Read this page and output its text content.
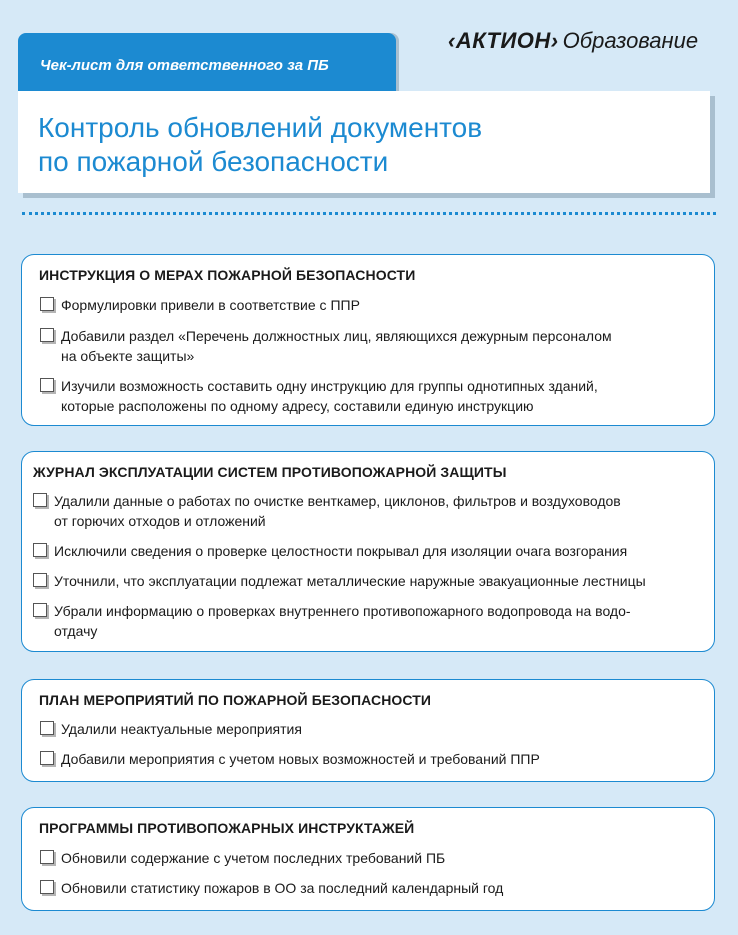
Чек-лист для ответственного за ПБ
‹АКТИОН› Образование
Контроль обновлений документов
по пожарной безопасности
ИНСТРУКЦИЯ О МЕРАХ ПОЖАРНОЙ БЕЗОПАСНОСТИ
Формулировки привели в соответствие с ППР
Добавили раздел «Перечень должностных лиц, являющихся дежурным персоналом
на объекте защиты»
Изучили возможность составить одну инструкцию для группы однотипных зданий,
которые расположены по одному адресу, составили единую инструкцию
ЖУРНАЛ ЭКСПЛУАТАЦИИ СИСТЕМ ПРОТИВОПОЖАРНОЙ ЗАЩИТЫ
Удалили данные о работах по очистке венткамер, циклонов, фильтров и воздуховодов
от горючих отходов и отложений
Исключили сведения о проверке целостности покрывал для изоляции очага возгорания
Уточнили, что эксплуатации подлежат металлические наружные эвакуационные лестницы
Убрали информацию о проверках внутреннего противопожарного водопровода на водо-
отдачу
ПЛАН МЕРОПРИЯТИЙ ПО ПОЖАРНОЙ БЕЗОПАСНОСТИ
Удалили неактуальные мероприятия
Добавили мероприятия с учетом новых возможностей и требований ППР
ПРОГРАММЫ ПРОТИВОПОЖАРНЫХ ИНСТРУКТАЖЕЙ
Обновили содержание с учетом последних требований ПБ
Обновили статистику пожаров в ОО за последний календарный год
